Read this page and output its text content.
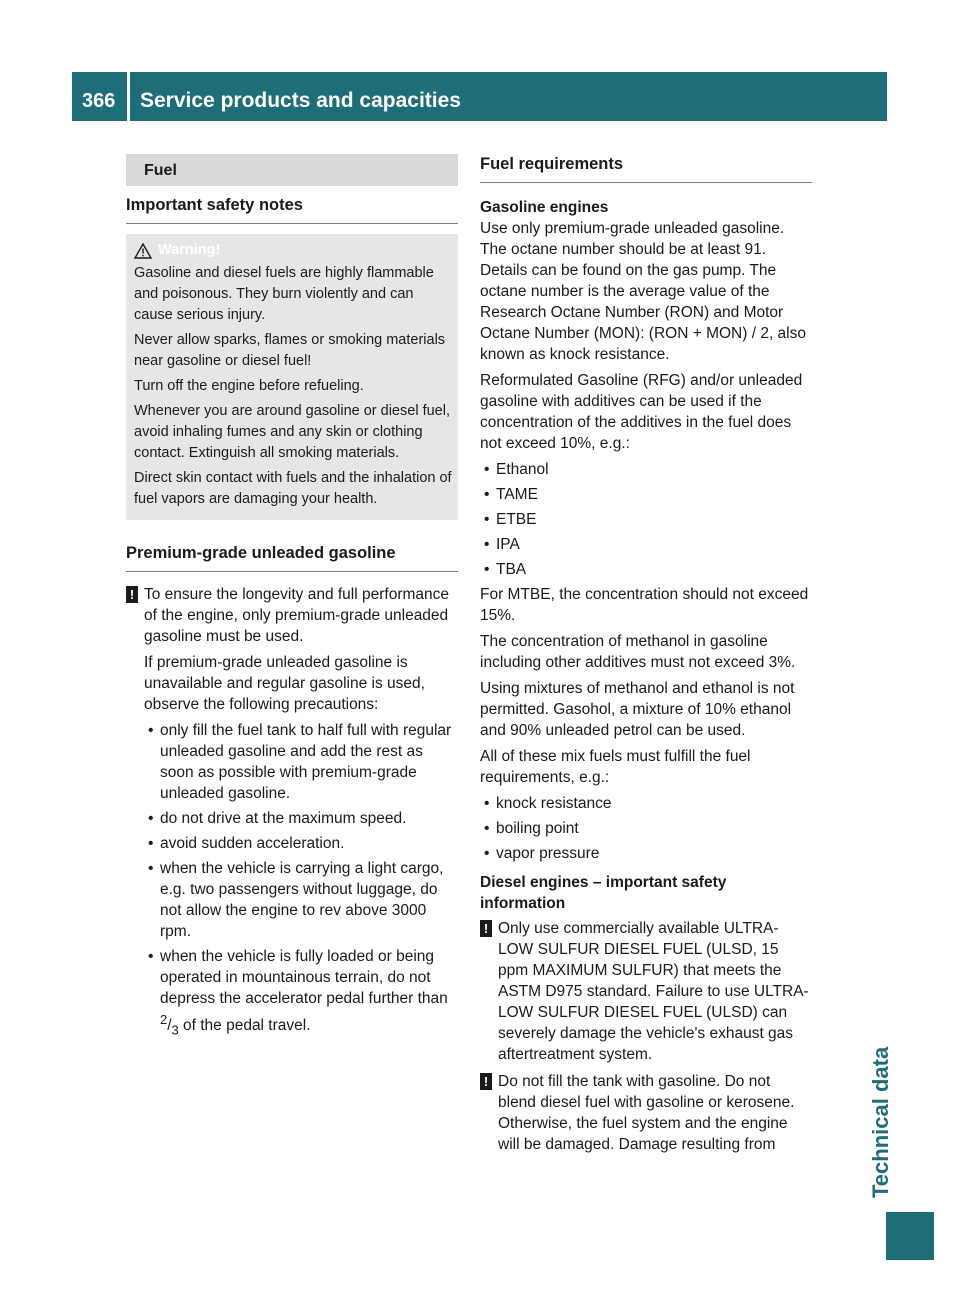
366 Service products and capacities
Technical data
Fuel
Important safety notes
Warning!

Gasoline and diesel fuels are highly flammable and poisonous. They burn violently and can cause serious injury.

Never allow sparks, flames or smoking materials near gasoline or diesel fuel!

Turn off the engine before refueling.

Whenever you are around gasoline or diesel fuel, avoid inhaling fumes and any skin or clothing contact. Extinguish all smoking materials.

Direct skin contact with fuels and the inhalation of fuel vapors are damaging your health.

Premium-grade unleaded gasoline
! To ensure the longevity and full performance of the engine, only premium-grade unleaded gasoline must be used.

If premium-grade unleaded gasoline is unavailable and regular gasoline is used, observe the following precautions:

• only fill the fuel tank to half full with regular unleaded gasoline and add the rest as soon as possible with premium-grade unleaded gasoline.
• do not drive at the maximum speed.
• avoid sudden acceleration.
• when the vehicle is carrying a light cargo, e.g. two passengers without luggage, do not allow the engine to rev above 3000 rpm.
• when the vehicle is fully loaded or being operated in mountainous terrain, do not depress the accelerator pedal further than $^2/_3$ of the pedal travel.
Fuel requirements
Gasoline engines

Use only premium-grade unleaded gasoline. The octane number should be at least 91. Details can be found on the gas pump. The octane number is the average value of the Research Octane Number (RON) and Motor Octane Number (MON): (RON + MON) / 2, also known as knock resistance.

Reformulated Gasoline (RFG) and/or unleaded gasoline with additives can be used if the concentration of the additives in the fuel does not exceed 10%, e.g.:

• Ethanol
• TAME
• ETBE
• IPA
• TBA

For MTBE, the concentration should not exceed 15%.

The concentration of methanol in gasoline including other additives must not exceed 3%.

Using mixtures of methanol and ethanol is not permitted. Gasohol, a mixture of 10% ethanol and 90% unleaded petrol can be used.

All of these mix fuels must fulfill the fuel requirements, e.g.:

• knock resistance
• boiling point
• vapor pressure
Diesel engines – important safety information
! Only use commercially available ULTRA-LOW SULFUR DIESEL FUEL (ULSD, 15 ppm MAXIMUM SULFUR) that meets the ASTM D975 standard. Failure to use ULTRA-LOW SULFUR DIESEL FUEL (ULSD) can severely damage the vehicle's exhaust gas aftertreatment system.

! Do not fill the tank with gasoline. Do not blend diesel fuel with gasoline or kerosene. Otherwise, the fuel system and the engine will be damaged. Damage resulting from
